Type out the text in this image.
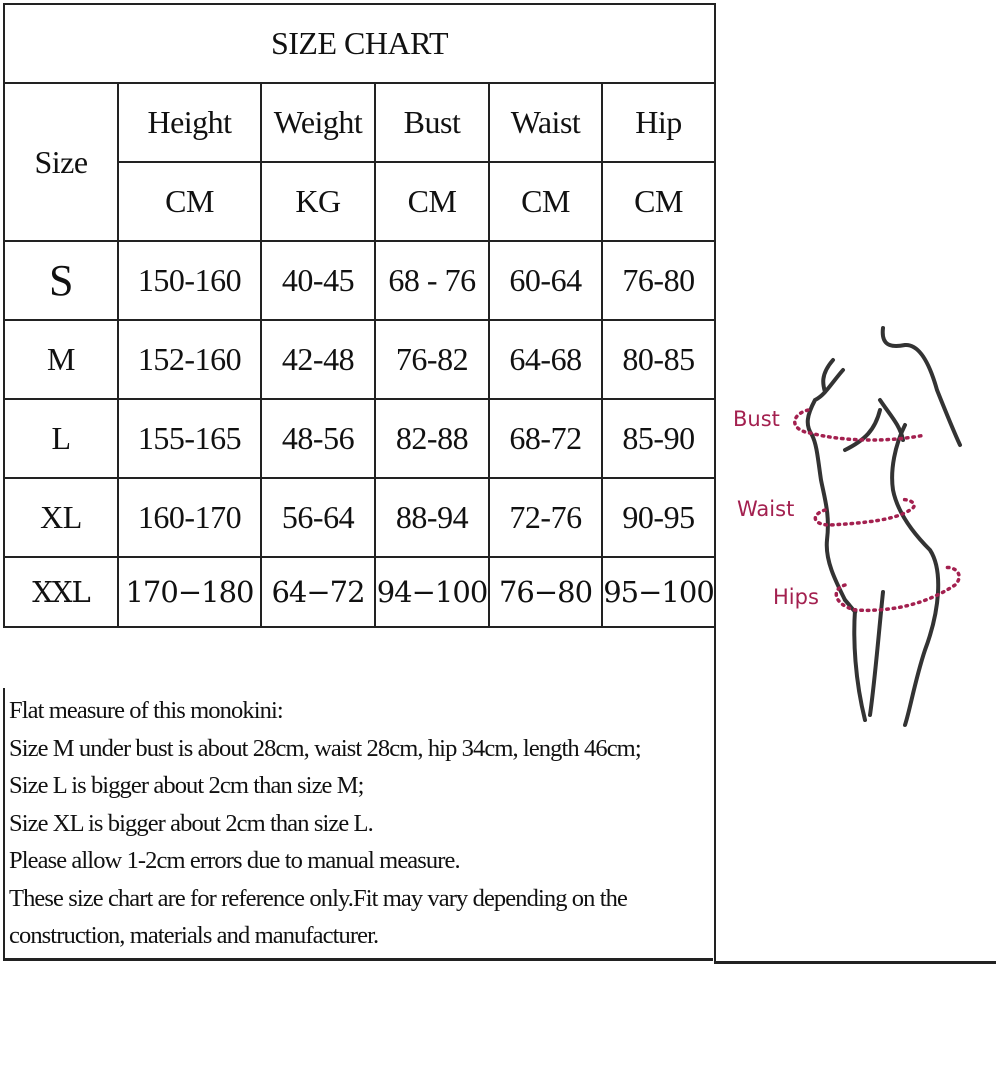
SIZE CHART					
Size	Height	Weight	Bust	Waist	Hip
	CM	KG	CM	CM	CM
S	150-160	40-45	68 - 76	60-64	76-80
M	152-160	42-48	76-82	64-68	80-85
L	155-165	48-56	82-88	68-72	85-90
XL	160-170	56-64	88-94	72-76	90-95
XXL	170−180	64−72	94−100	76−80	95−100
Flat measure of this monokini:
Size M under bust is about 28cm, waist 28cm, hip 34cm, length 46cm;
Size L is bigger about 2cm than size M;
Size XL is bigger about 2cm than size L.
Please allow 1-2cm errors due to manual measure.
These size chart are for reference only.Fit may vary depending on the
construction, materials and manufacturer.
Bust
Waist
Hips
